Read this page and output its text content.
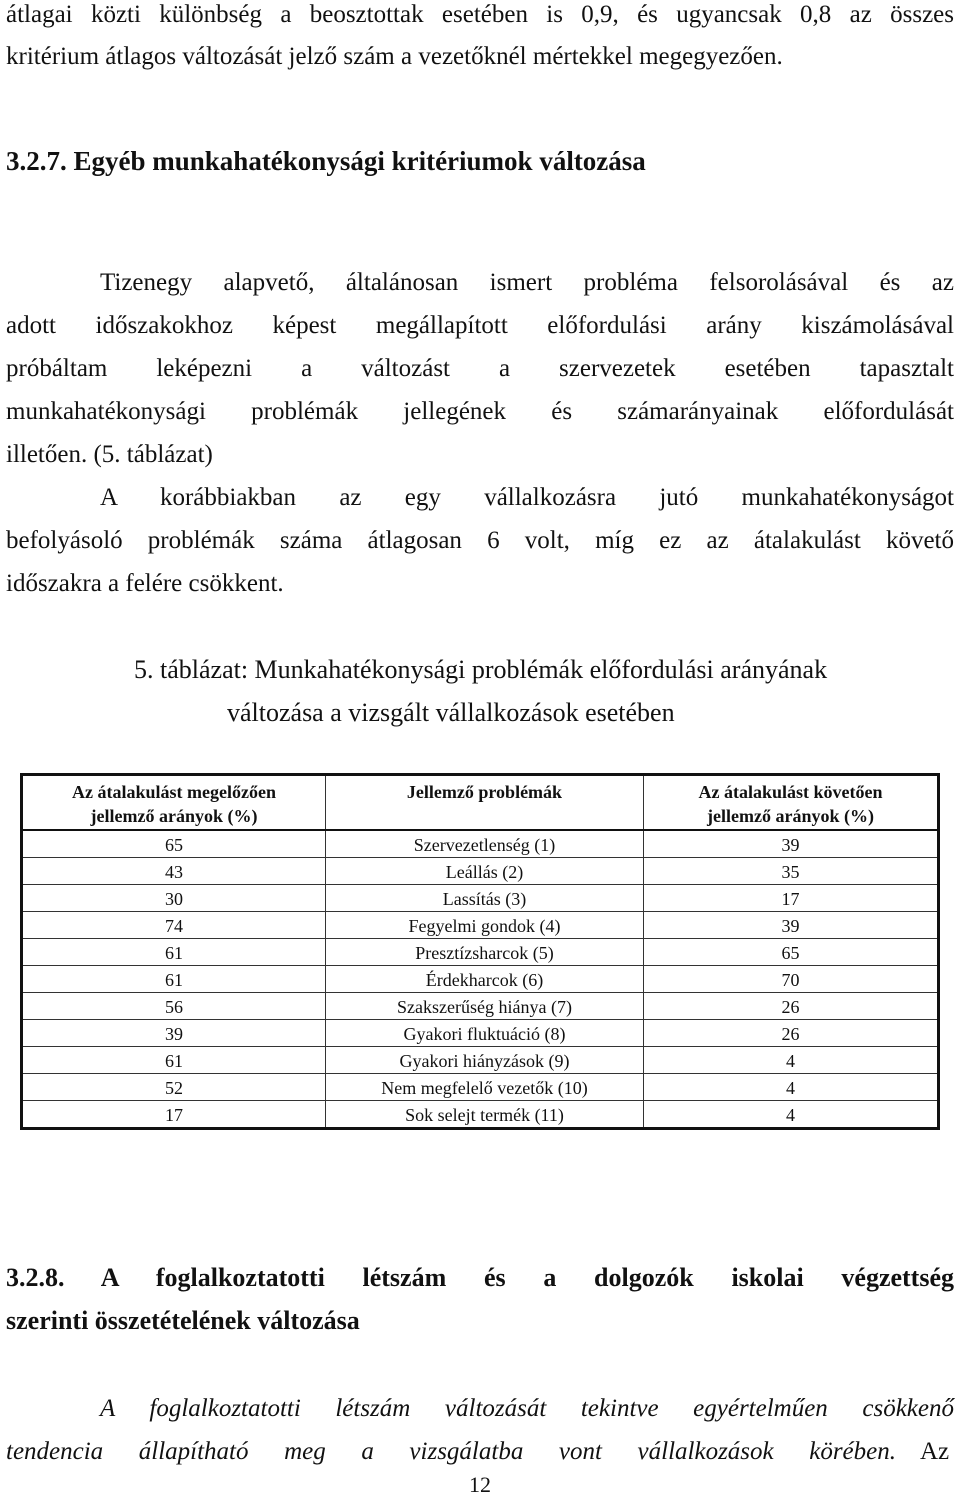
átlagai közti különbség a beosztottak esetében is 0,9, és ugyancsak 0,8 az összes
kritérium átlagos változását jelző szám a vezetőknél mértekkel megegyezően.
3.2.7. Egyéb munkahatékonysági kritériumok változása
Tizenegy alapvető, általánosan ismert probléma felsorolásával és az
adott időszakokhoz képest megállapított előfordulási arány kiszámolásával
próbáltam leképezni a változást a szervezetek esetében tapasztalt
munkahatékonysági problémák jellegének és számarányainak előfordulását
illetően. (5. táblázat)
A korábbiakban az egy vállalkozásra jutó munkahatékonyságot
befolyásoló problémák száma átlagosan 6 volt, míg ez az átalakulást követő
időszakra a felére csökkent.
5. táblázat: Munkahatékonysági problémák előfordulási arányának
változása a vizsgált vállalkozások esetében
Az átalakulást megelőzően
jellemző arányok (%)	Jellemző problémák	Az átalakulást követően
jellemző arányok (%)
65	Szervezetlenség (1)	39
43	Leállás (2)	35
30	Lassítás (3)	17
74	Fegyelmi gondok (4)	39
61	Presztízsharcok (5)	65
61	Érdekharcok (6)	70
56	Szakszerűség hiánya (7)	26
39	Gyakori fluktuáció (8)	26
61	Gyakori hiányzások (9)	4
52	Nem megfelelő vezetők (10)	4
17	Sok selejt termék (11)	4
3.2.8. A foglalkoztatotti létszám és a dolgozók iskolai végzettség
szerinti összetételének változása
A foglalkoztatotti létszám változását tekintve egyértelműen csökkenő
tendencia állapítható meg a vizsgálatba vont vállalkozások körében. Az
12
